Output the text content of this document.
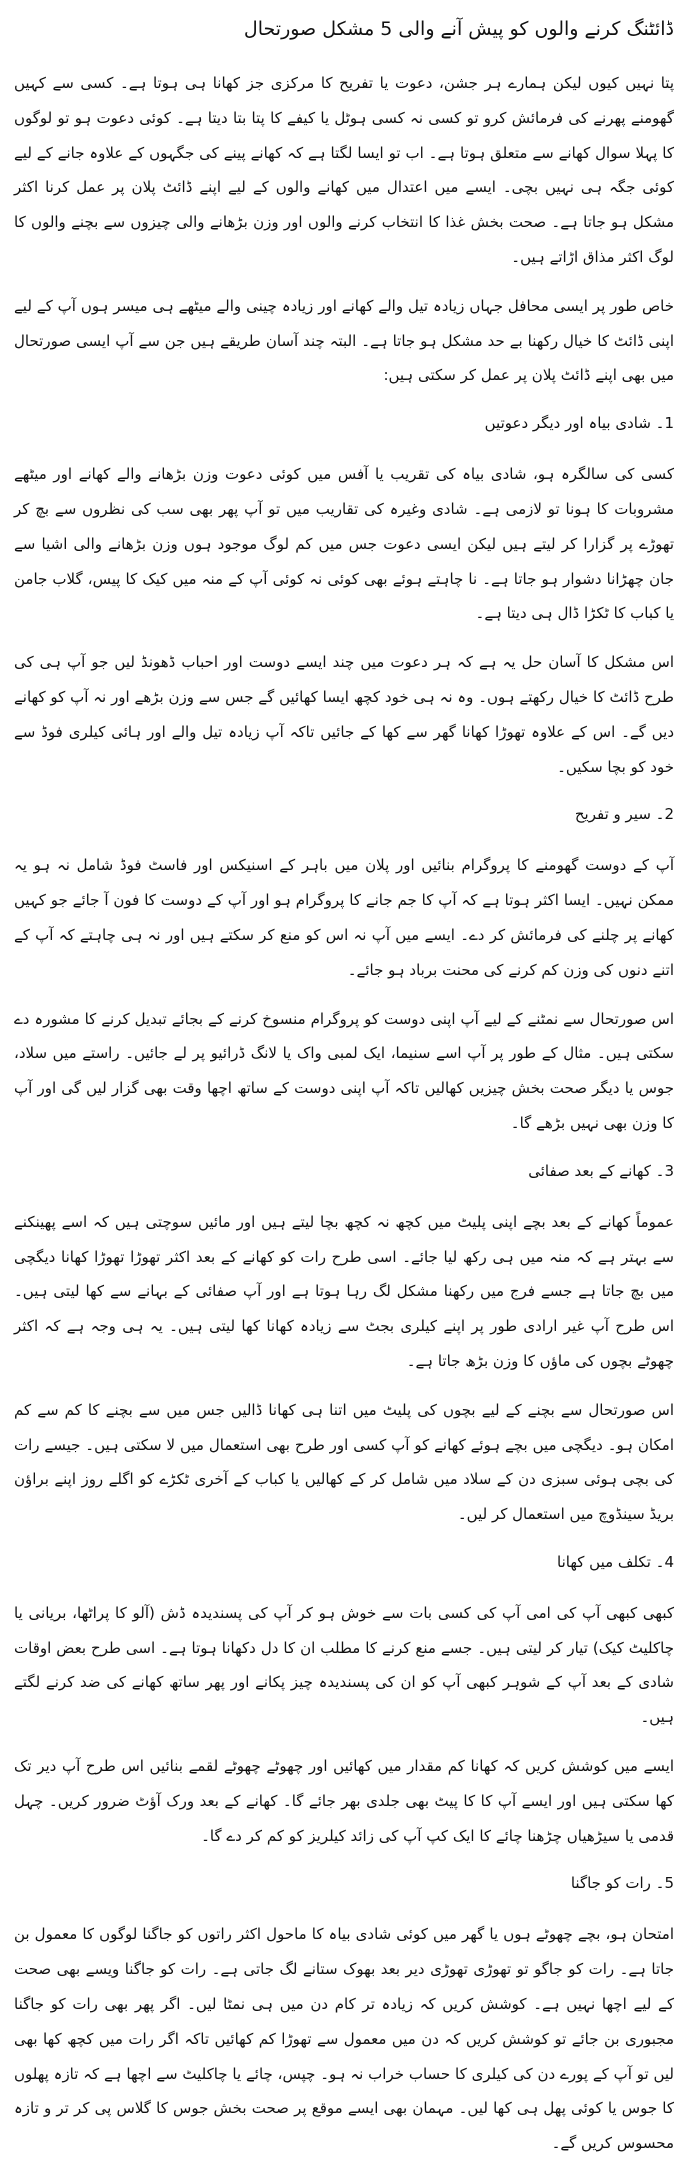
ڈائٹنگ کرنے والوں کو پیش آنے والی 5 مشکل صورتحال

پتا نہیں کیوں لیکن ہمارے ہر جشن، دعوت یا تفریح کا مرکزی جز کھانا ہی ہوتا ہے۔ کسی سے کہیں گھومنے پھرنے کی فرمائش کرو تو کسی نہ کسی ہوٹل یا کیفے کا پتا بتا دیتا ہے۔ کوئی دعوت ہو تو لوگوں کا پہلا سوال کھانے سے متعلق ہوتا ہے۔ اب تو ایسا لگتا ہے کہ کھانے پینے کی جگہوں کے علاوہ جانے کے لیے کوئی جگہ ہی نہیں بچی۔ ایسے میں اعتدال میں کھانے والوں کے لیے اپنے ڈائٹ پلان پر عمل کرنا اکثر مشکل ہو جاتا ہے۔ صحت بخش غذا کا انتخاب کرنے والوں اور وزن بڑھانے والی چیزوں سے بچنے والوں کا لوگ اکثر مذاق اڑاتے ہیں۔

خاص طور پر ایسی محافل جہاں زیادہ تیل والے کھانے اور زیادہ چینی والے میٹھے ہی میسر ہوں آپ کے لیے اپنی ڈائٹ کا خیال رکھنا بے حد مشکل ہو جاتا ہے۔ البتہ چند آسان طریقے ہیں جن سے آپ ایسی صورتحال میں بھی اپنے ڈائٹ پلان پر عمل کر سکتی ہیں:

1۔ شادی بیاہ اور دیگر دعوتیں

کسی کی سالگرہ ہو، شادی بیاہ کی تقریب یا آفس میں کوئی دعوت وزن بڑھانے والے کھانے اور میٹھے مشروبات کا ہونا تو لازمی ہے۔ شادی وغیرہ کی تقاریب میں تو آپ پھر بھی سب کی نظروں سے بچ کر تھوڑے پر گزارا کر لیتے ہیں لیکن ایسی دعوت جس میں کم لوگ موجود ہوں وزن بڑھانے والی اشیا سے جان چھڑانا دشوار ہو جاتا ہے۔ نا چاہتے ہوئے بھی کوئی نہ کوئی آپ کے منہ میں کیک کا پیس، گلاب جامن یا کباب کا ٹکڑا ڈال ہی دیتا ہے۔

اس مشکل کا آسان حل یہ ہے کہ ہر دعوت میں چند ایسے دوست اور احباب ڈھونڈ لیں جو آپ ہی کی طرح ڈائٹ کا خیال رکھتے ہوں۔ وہ نہ ہی خود کچھ ایسا کھائیں گے جس سے وزن بڑھے اور نہ آپ کو کھانے دیں گے۔ اس کے علاوہ تھوڑا کھانا گھر سے کھا کے جائیں تاکہ آپ زیادہ تیل والے اور ہائی کیلری فوڈ سے خود کو بچا سکیں۔

2۔ سیر و تفریح

آپ کے دوست گھومنے کا پروگرام بنائیں اور پلان میں باہر کے اسنیکس اور فاسٹ فوڈ شامل نہ ہو یہ ممکن نہیں۔ ایسا اکثر ہوتا ہے کہ آپ کا جم جانے کا پروگرام ہو اور آپ کے دوست کا فون آ جائے جو کہیں کھانے پر چلنے کی فرمائش کر دے۔ ایسے میں آپ نہ اس کو منع کر سکتے ہیں اور نہ ہی چاہتے کہ آپ کے اتنے دنوں کی وزن کم کرنے کی محنت برباد ہو جائے۔

اس صورتحال سے نمٹنے کے لیے آپ اپنی دوست کو پروگرام منسوخ کرنے کے بجائے تبدیل کرنے کا مشورہ دے سکتی ہیں۔ مثال کے طور پر آپ اسے سنیما، ایک لمبی واک یا لانگ ڈرائیو پر لے جائیں۔ راستے میں سلاد، جوس یا دیگر صحت بخش چیزیں کھالیں تاکہ آپ اپنی دوست کے ساتھ اچھا وقت بھی گزار لیں گی اور آپ کا وزن بھی نہیں بڑھے گا۔

3۔ کھانے کے بعد صفائی

عموماً کھانے کے بعد بچے اپنی پلیٹ میں کچھ نہ کچھ بچا لیتے ہیں اور مائیں سوچتی ہیں کہ اسے پھینکنے سے بہتر ہے کہ منہ میں ہی رکھ لیا جائے۔ اسی طرح رات کو کھانے کے بعد اکثر تھوڑا تھوڑا کھانا دیگچی میں بچ جاتا ہے جسے فرج میں رکھنا مشکل لگ رہا ہوتا ہے اور آپ صفائی کے بہانے سے کھا لیتی ہیں۔ اس طرح آپ غیر ارادی طور پر اپنے کیلری بجٹ سے زیادہ کھانا کھا لیتی ہیں۔ یہ ہی وجہ ہے کہ اکثر چھوٹے بچوں کی ماؤں کا وزن بڑھ جاتا ہے۔

اس صورتحال سے بچنے کے لیے بچوں کی پلیٹ میں اتنا ہی کھانا ڈالیں جس میں سے بچنے کا کم سے کم امکان ہو۔ دیگچی میں بچے ہوئے کھانے کو آپ کسی اور طرح بھی استعمال میں لا سکتی ہیں۔ جیسے رات کی بچی ہوئی سبزی دن کے سلاد میں شامل کر کے کھالیں یا کباب کے آخری ٹکڑے کو اگلے روز اپنے براؤن بریڈ سینڈوچ میں استعمال کر لیں۔

4۔ تکلف میں کھانا

کبھی کبھی آپ کی امی آپ کی کسی بات سے خوش ہو کر آپ کی پسندیدہ ڈش (آلو کا پراٹھا، بریانی یا چاکلیٹ کیک) تیار کر لیتی ہیں۔ جسے منع کرنے کا مطلب ان کا دل دکھانا ہوتا ہے۔ اسی طرح بعض اوقات شادی کے بعد آپ کے شوہر کبھی آپ کو ان کی پسندیدہ چیز پکانے اور پھر ساتھ کھانے کی ضد کرنے لگتے ہیں۔

ایسے میں کوشش کریں کہ کھانا کم مقدار میں کھائیں اور چھوٹے چھوٹے لقمے بنائیں اس طرح آپ دیر تک کھا سکتی ہیں اور ایسے آپ کا کا پیٹ بھی جلدی بھر جائے گا۔ کھانے کے بعد ورک آؤٹ ضرور کریں۔ چہل قدمی یا سیڑھیاں چڑھنا چائے کا ایک کپ آپ کی زائد کیلریز کو کم کر دے گا۔

5۔ رات کو جاگنا

امتحان ہو، بچے چھوٹے ہوں یا گھر میں کوئی شادی بیاہ کا ماحول اکثر راتوں کو جاگنا لوگوں کا معمول بن جاتا ہے۔ رات کو جاگو تو تھوڑی تھوڑی دیر بعد بھوک ستانے لگ جاتی ہے۔ رات کو جاگنا ویسے بھی صحت کے لیے اچھا نہیں ہے۔ کوشش کریں کہ زیادہ تر کام دن میں ہی نمٹا لیں۔ اگر پھر بھی رات کو جاگنا مجبوری بن جائے تو کوشش کریں کہ دن میں معمول سے تھوڑا کم کھائیں تاکہ اگر رات میں کچھ کھا بھی لیں تو آپ کے پورے دن کی کیلری کا حساب خراب نہ ہو۔ چپس، چائے یا چاکلیٹ سے اچھا ہے کہ تازہ پھلوں کا جوس یا کوئی پھل ہی کھا لیں۔ مہمان بھی ایسے موقع پر صحت بخش جوس کا گلاس پی کر تر و تازہ محسوس کریں گے۔
